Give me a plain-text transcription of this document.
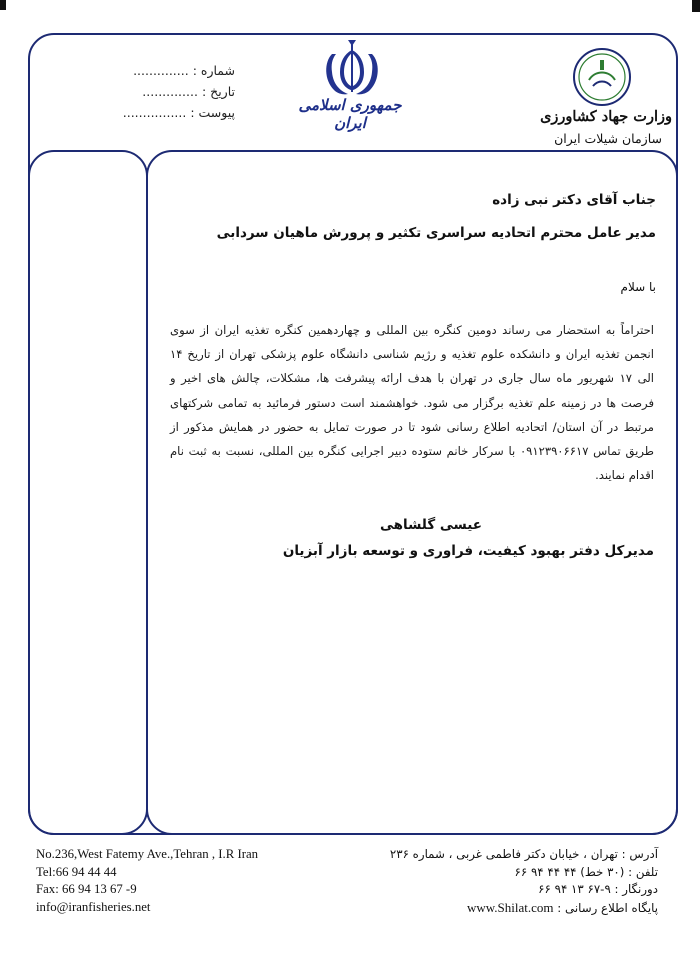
شماره :..............
تاریخ :..............
پیوست :................	جمهوری اسلامی ایران	وزارت جهاد کشاورزی
سازمان شیلات ایران
جناب آقای دکتر نبی زاده
مدیر عامل محترم اتحادیه سراسری تکثیر و پرورش ماهیان سردابی
با سلام
احتراماً به استحضار می رساند دومین کنگره بین المللی و چهاردهمین کنگره تغذیه ایران از سوی انجمن تغذیه ایران و دانشکده علوم تغذیه و رژیم شناسی دانشگاه علوم پزشکی تهران از تاریخ ۱۴ الی ۱۷ شهریور ماه سال جاری در تهران با هدف ارائه پیشرفت ها، مشکلات، چالش های اخیر و فرصت ها در زمینه علم تغذیه برگزار می شود. خواهشمند است دستور فرمائید به تمامی شرکتهای مرتبط در آن استان/ اتحادیه اطلاع رسانی شود تا در صورت تمایل به حضور در همایش مذکور از طریق تماس ۰۹۱۲۳۹۰۶۶۱۷ با سرکار خانم ستوده دبیر اجرایی کنگره بین المللی، نسبت به ثبت نام اقدام نمایند.
عیسی گلشاهی
مدیرکل دفتر بهبود کیفیت، فراوری و توسعه بازار آبزیان
No.236,West Fatemy Ave.,Tehran , I.R Iran
Tel:66 94 44 44
Fax: 66 94 13 67 -9
info@iranfisheries.net
آدرس : تهران ، خیابان دکتر فاطمی غربی ، شماره ۲۳۶
تلفن : (۳۰ خط) ۴۴ ۴۴ ۹۴ ۶۶
دورنگار : ۹-۶۷ ۱۳ ۹۴ ۶۶
پایگاه اطلاع رسانی : www.Shilat.com
